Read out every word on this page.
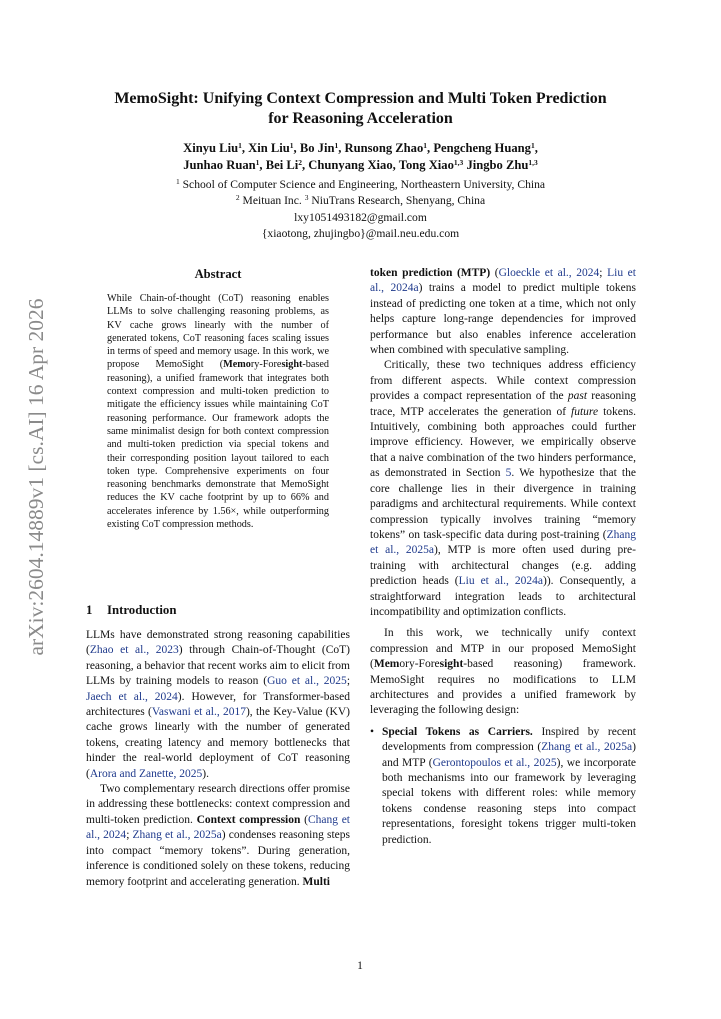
arXiv:2604.14889v1 [cs.AI] 16 Apr 2026
MemoSight: Unifying Context Compression and Multi Token Prediction
for Reasoning Acceleration
Xinyu Liu$^1$, Xin Liu$^1$, Bo Jin$^1$, Runsong Zhao$^1$, Pengcheng Huang$^1$,
Junhao Ruan$^1$, Bei Li$^2$, Chunyang Xiao, Tong Xiao$^{1,3}$ Jingbo Zhu$^{1,3}$
$^1$ School of Computer Science and Engineering, Northeastern University, China
$^2$ Meituan Inc. $^3$ NiuTrans Research, Shenyang, China
lxy1051493182@gmail.com
{xiaotong, zhujingbo}@mail.neu.edu.com
Abstract
While Chain-of-thought (CoT) reasoning enables LLMs to solve challenging reasoning problems, as KV cache grows linearly with the number of generated tokens, CoT reasoning faces scaling issues in terms of speed and memory usage. In this work, we propose MemoSight (Memory-Foresight-based reasoning), a unified framework that integrates both context compression and multi-token prediction to mitigate the efficiency issues while maintaining CoT reasoning performance. Our framework adopts the same minimalist design for both context compression and multi-token prediction via special tokens and their corresponding position layout tailored to each token type. Comprehensive experiments on four reasoning benchmarks demonstrate that MemoSight reduces the KV cache footprint by up to 66% and accelerates inference by 1.56×, while outperforming existing CoT compression methods.
1 Introduction

LLMs have demonstrated strong reasoning capabilities (Zhao et al., 2023) through Chain-of-Thought (CoT) reasoning, a behavior that recent works aim to elicit from LLMs by training models to reason (Guo et al., 2025; Jaech et al., 2024). However, for Transformer-based architectures (Vaswani et al., 2017), the Key-Value (KV) cache grows linearly with the number of generated tokens, creating latency and memory bottlenecks that hinder the real-world deployment of CoT reasoning (Arora and Zanette, 2025).

Two complementary research directions offer promise in addressing these bottlenecks: context compression and multi-token prediction. Context compression (Chang et al., 2024; Zhang et al., 2025a) condenses reasoning steps into compact “memory tokens”. During generation, inference is conditioned solely on these tokens, reducing memory footprint and accelerating generation. Multi

token prediction (MTP) (Gloeckle et al., 2024; Liu et al., 2024a) trains a model to predict multiple tokens instead of predicting one token at a time, which not only helps capture long-range dependencies for improved performance but also enables inference acceleration when combined with speculative sampling.

Critically, these two techniques address efficiency from different aspects. While context compression provides a compact representation of the past reasoning trace, MTP accelerates the generation of future tokens. Intuitively, combining both approaches could further improve efficiency. However, we empirically observe that a naive combination of the two hinders performance, as demonstrated in Section 5. We hypothesize that the core challenge lies in their divergence in training paradigms and architectural requirements. While context compression typically involves training “memory tokens” on task-specific data during post-training (Zhang et al., 2025a), MTP is more often used during pre-training with architectural changes (e.g. adding prediction heads (Liu et al., 2024a)). Consequently, a straightforward integration leads to architectural incompatibility and optimization conflicts.

In this work, we technically unify context compression and MTP in our proposed MemoSight (Memory-Foresight-based reasoning) framework. MemoSight requires no modifications to LLM architectures and provides a unified framework by leveraging the following design:

• Special Tokens as Carriers. Inspired by recent developments from compression (Zhang et al., 2025a) and MTP (Gerontopoulos et al., 2025), we incorporate both mechanisms into our framework by leveraging special tokens with different roles: while memory tokens condense reasoning steps into compact representations, foresight tokens trigger multi-token prediction.
1
